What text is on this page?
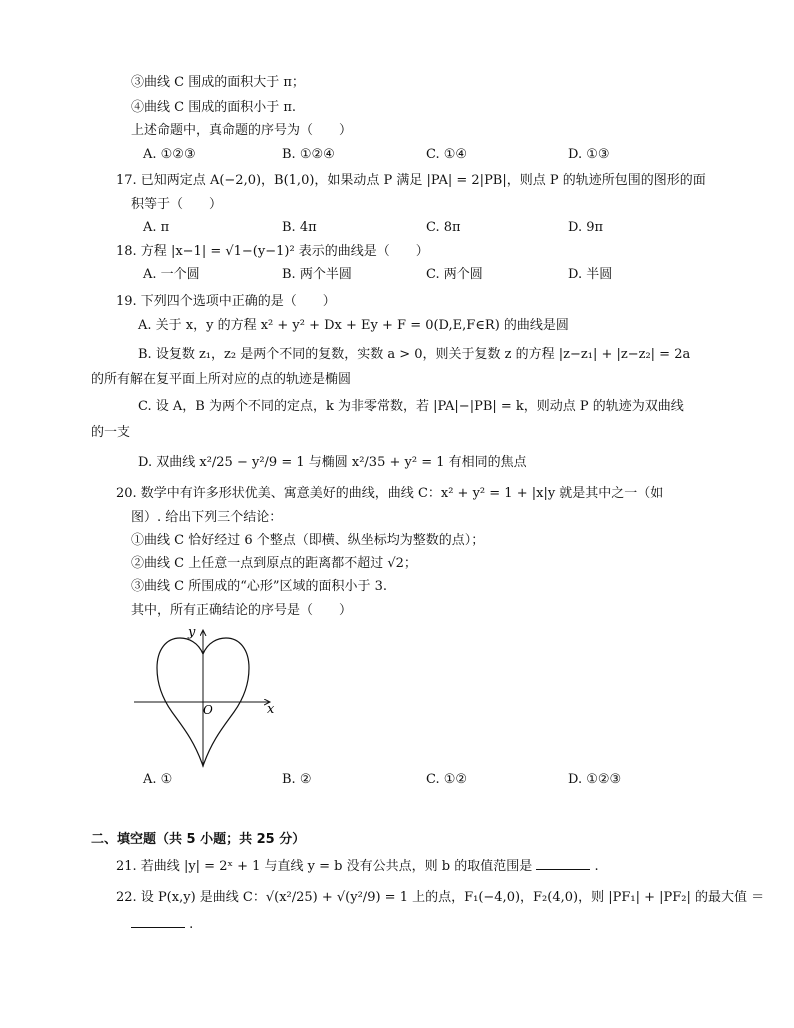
③曲线 C 围成的面积大于 π；
④曲线 C 围成的面积小于 π.
上述命题中，真命题的序号为（　　）
A. ①②③	B. ①②④	C. ①④	D. ①③
17. 已知两定点 A(−2,0)，B(1,0)，如果动点 P 满足 |PA| = 2|PB|，则点 P 的轨迹所包围的图形的面
积等于（　　）
A. π	B. 4π	C. 8π	D. 9π
18. 方程 |x−1| = √1−(y−1)² 表示的曲线是（　　）
A. 一个圆	B. 两个半圆	C. 两个圆	D. 半圆
19. 下列四个选项中正确的是（　　）
A. 关于 x，y 的方程 x² + y² + Dx + Ey + F = 0(D,E,F∈R) 的曲线是圆
B. 设复数 z₁，z₂ 是两个不同的复数，实数 a > 0，则关于复数 z 的方程 |z−z₁| + |z−z₂| = 2a
的所有解在复平面上所对应的点的轨迹是椭圆
C. 设 A，B 为两个不同的定点，k 为非零常数，若 |PA|−|PB| = k，则动点 P 的轨迹为双曲线
的一支
D. 双曲线 x²/25 − y²/9 = 1 与椭圆 x²/35 + y² = 1 有相同的焦点
20. 数学中有许多形状优美、寓意美好的曲线，曲线 C：x² + y² = 1 + |x|y 就是其中之一（如
图）. 给出下列三个结论：
①曲线 C 恰好经过 6 个整点（即横、纵坐标均为整数的点）；
②曲线 C 上任意一点到原点的距离都不超过 √2；
③曲线 C 所围成的“心形”区域的面积小于 3.
其中，所有正确结论的序号是（　　）
y
x
O
A. ①	B. ②	C. ①②	D. ①②③
二、填空题（共 5 小题；共 25 分）
21. 若曲线 |y| = 2ˣ + 1 与直线 y = b 没有公共点，则 b 的取值范围是	.
22. 设 P(x,y) 是曲线 C：√(x²/25) + √(y²/9) = 1 上的点，F₁(−4,0)，F₂(4,0)，则 |PF₁| + |PF₂| 的最大值 ＝
.
